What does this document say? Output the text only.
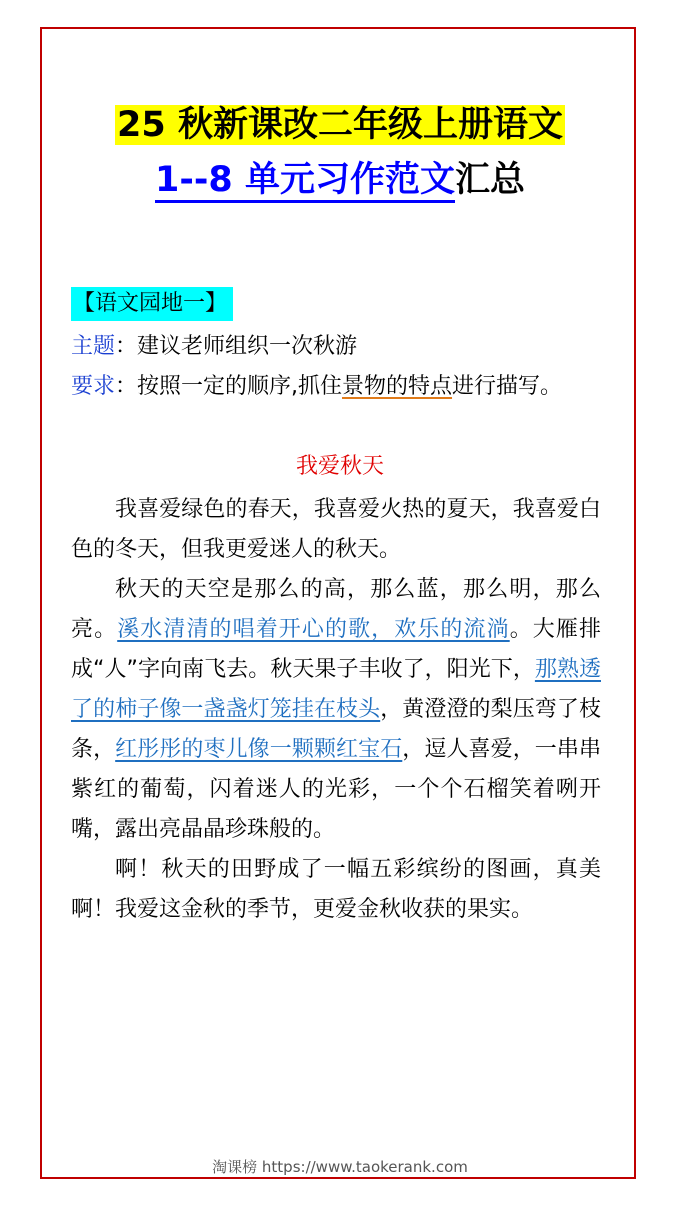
25 秋新课改二年级上册语文
1--8 单元习作范文汇总
【语文园地一】
主题：建议老师组织一次秋游
要求：按照一定的顺序,抓住景物的特点进行描写。
我爱秋天

我喜爱绿色的春天，我喜爱火热的夏天，我喜爱白色的冬天，但我更爱迷人的秋天。

秋天的天空是那么的高，那么蓝，那么明，那么亮。溪水清清的唱着开心的歌，欢乐的流淌。大雁排成“人”字向南飞去。秋天果子丰收了，阳光下，那熟透了的柿子像一盏盏灯笼挂在枝头，黄澄澄的梨压弯了枝条，红彤彤的枣儿像一颗颗红宝石，逗人喜爱，一串串紫红的葡萄，闪着迷人的光彩，一个个石榴笑着咧开嘴，露出亮晶晶珍珠般的。

啊！秋天的田野成了一幅五彩缤纷的图画，真美啊！我爱这金秋的季节，更爱金秋收获的果实。

淘课榜 https://www.taokerank.com
